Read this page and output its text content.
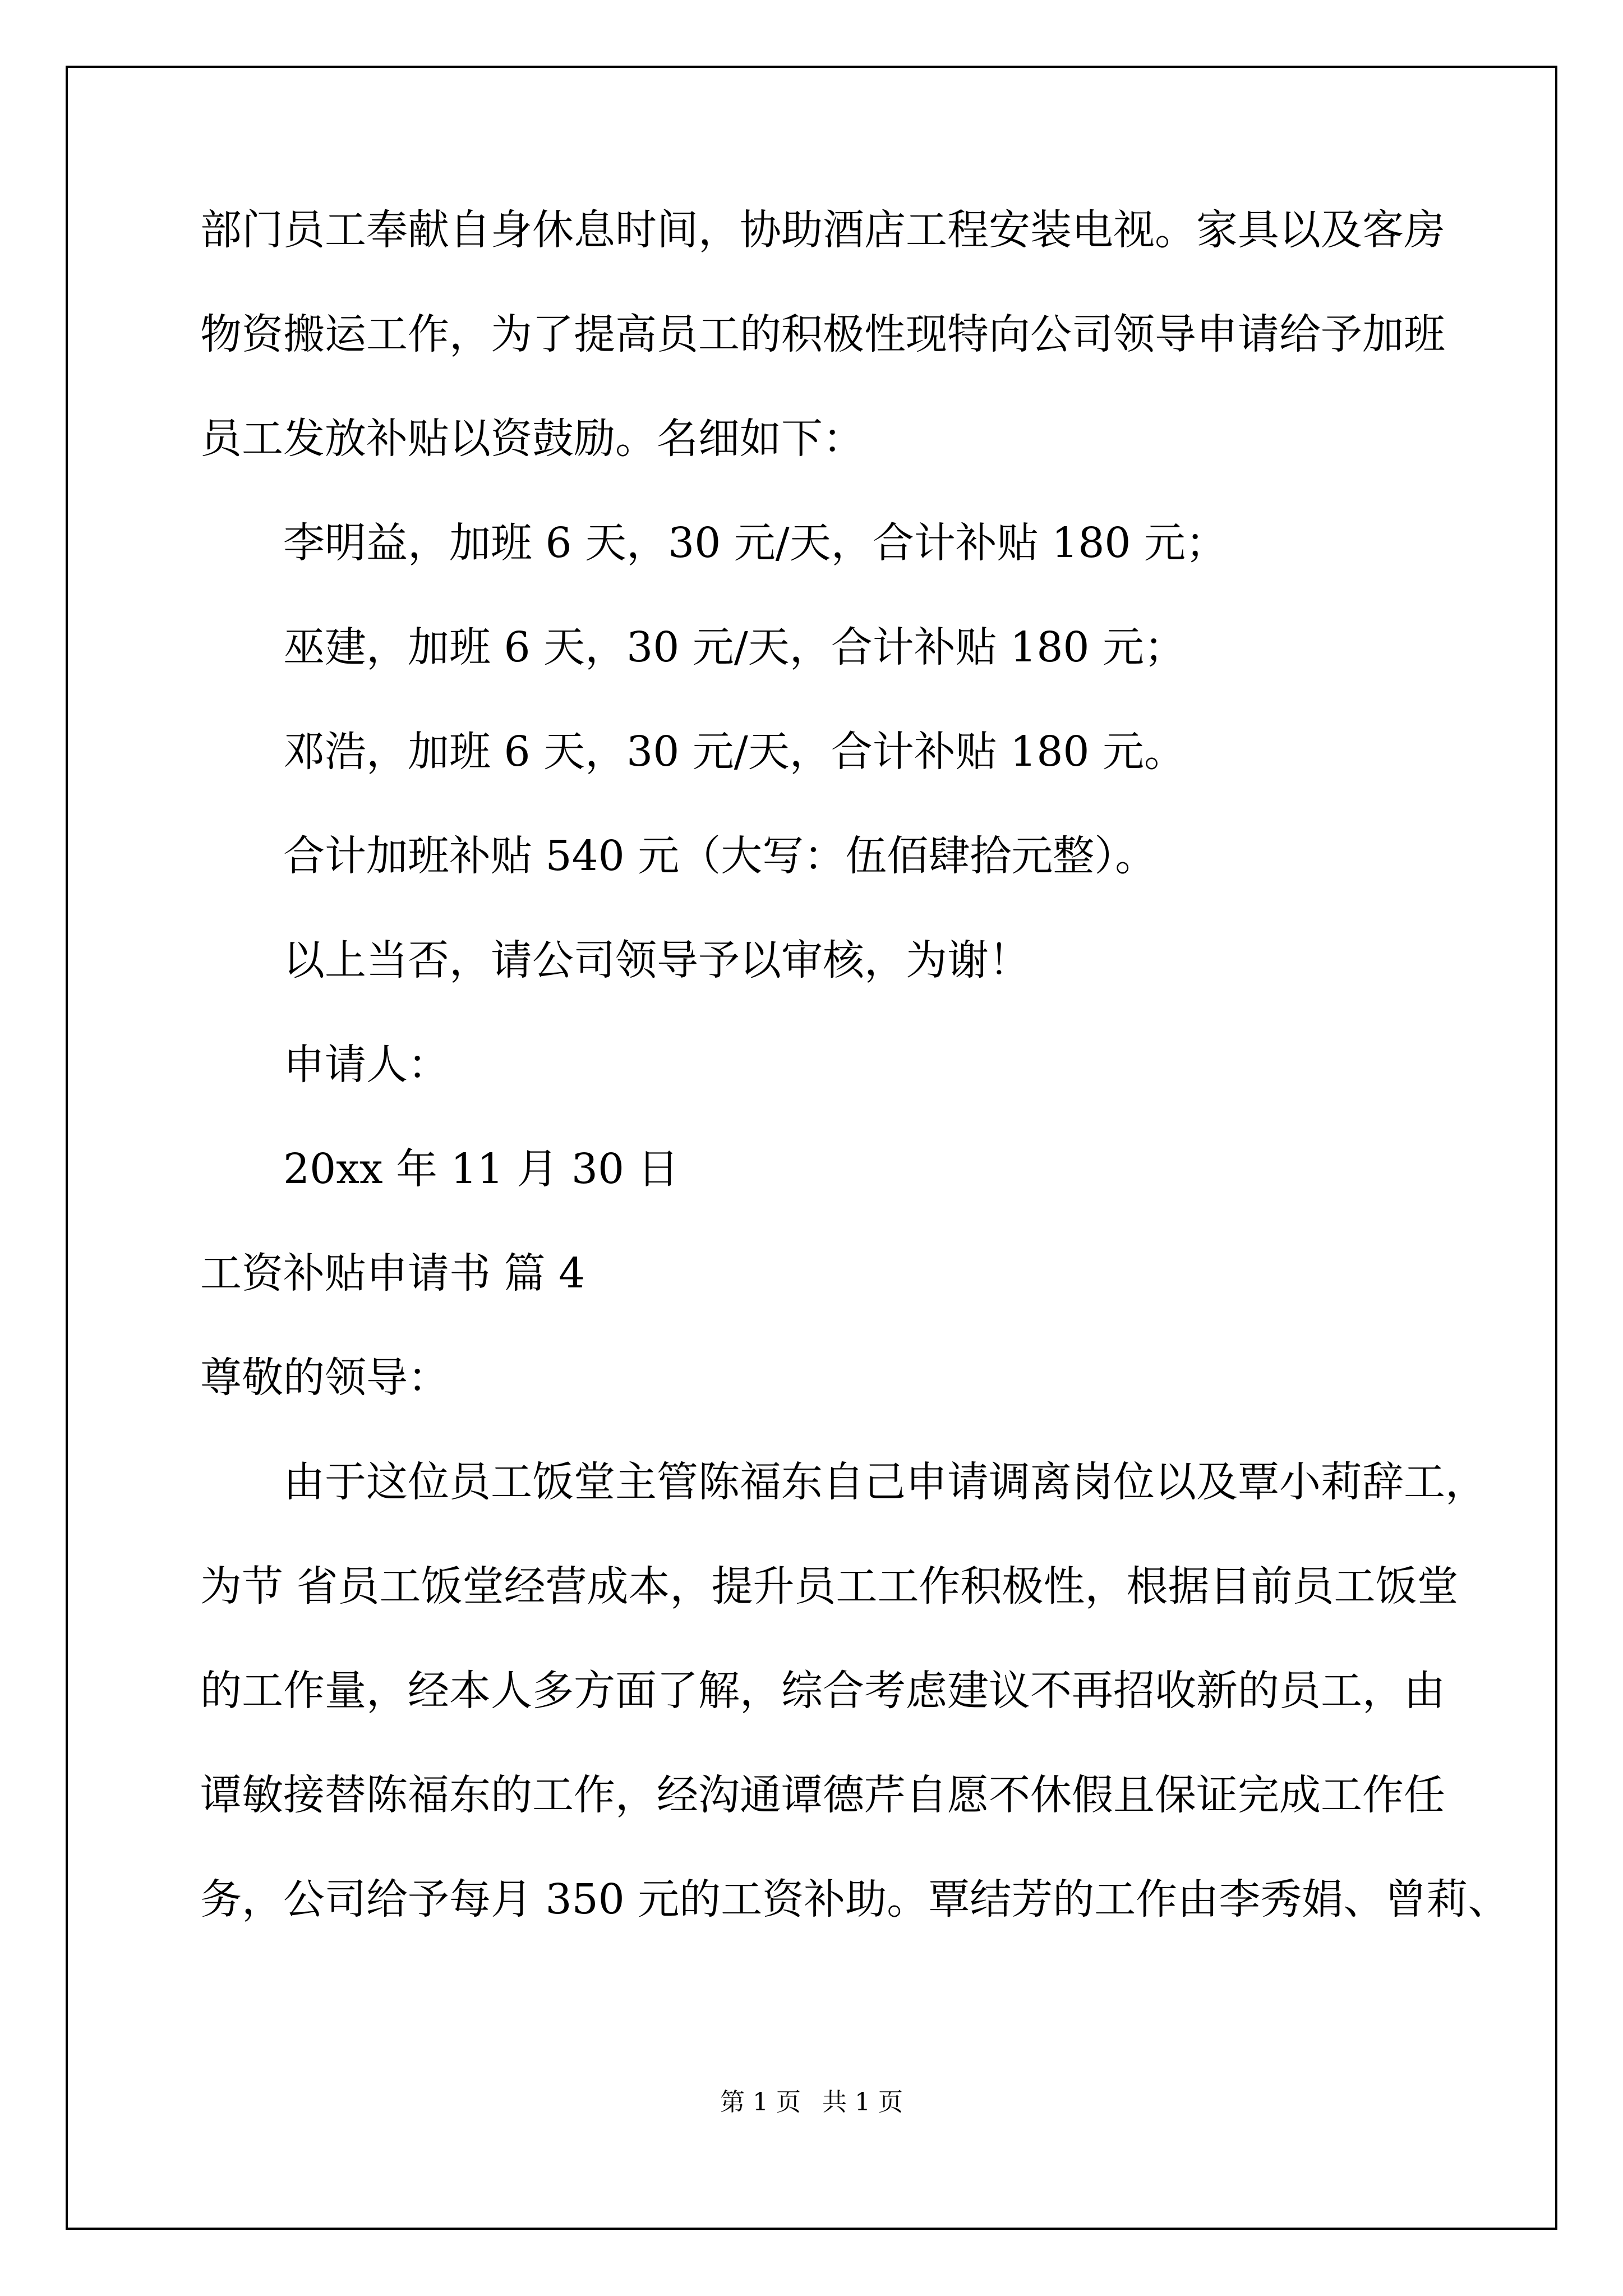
部门员工奉献自身休息时间，协助酒店工程安装电视。家具以及客房
物资搬运工作，为了提高员工的积极性现特向公司领导申请给予加班
员工发放补贴以资鼓励。名细如下：
李明益，加班 6 天，30 元/天，合计补贴 180 元；
巫建，加班 6 天，30 元/天，合计补贴 180 元；
邓浩，加班 6 天，30 元/天，合计补贴 180 元。
合计加班补贴 540 元（大写：伍佰肆拾元整）。
以上当否，请公司领导予以审核，为谢！
申请人：
20xx 年 11 月 30 日
工资补贴申请书 篇 4
尊敬的领导：
由于这位员工饭堂主管陈福东自己申请调离岗位以及覃小莉辞工，
为节 省员工饭堂经营成本，提升员工工作积极性，根据目前员工饭堂
的工作量，经本人多方面了解，综合考虑建议不再招收新的员工，由
谭敏接替陈福东的工作，经沟通谭德芹自愿不休假且保证完成工作任
务，公司给予每月 350 元的工资补助。覃结芳的工作由李秀娟、曾莉、
第 1 页 共 1 页
